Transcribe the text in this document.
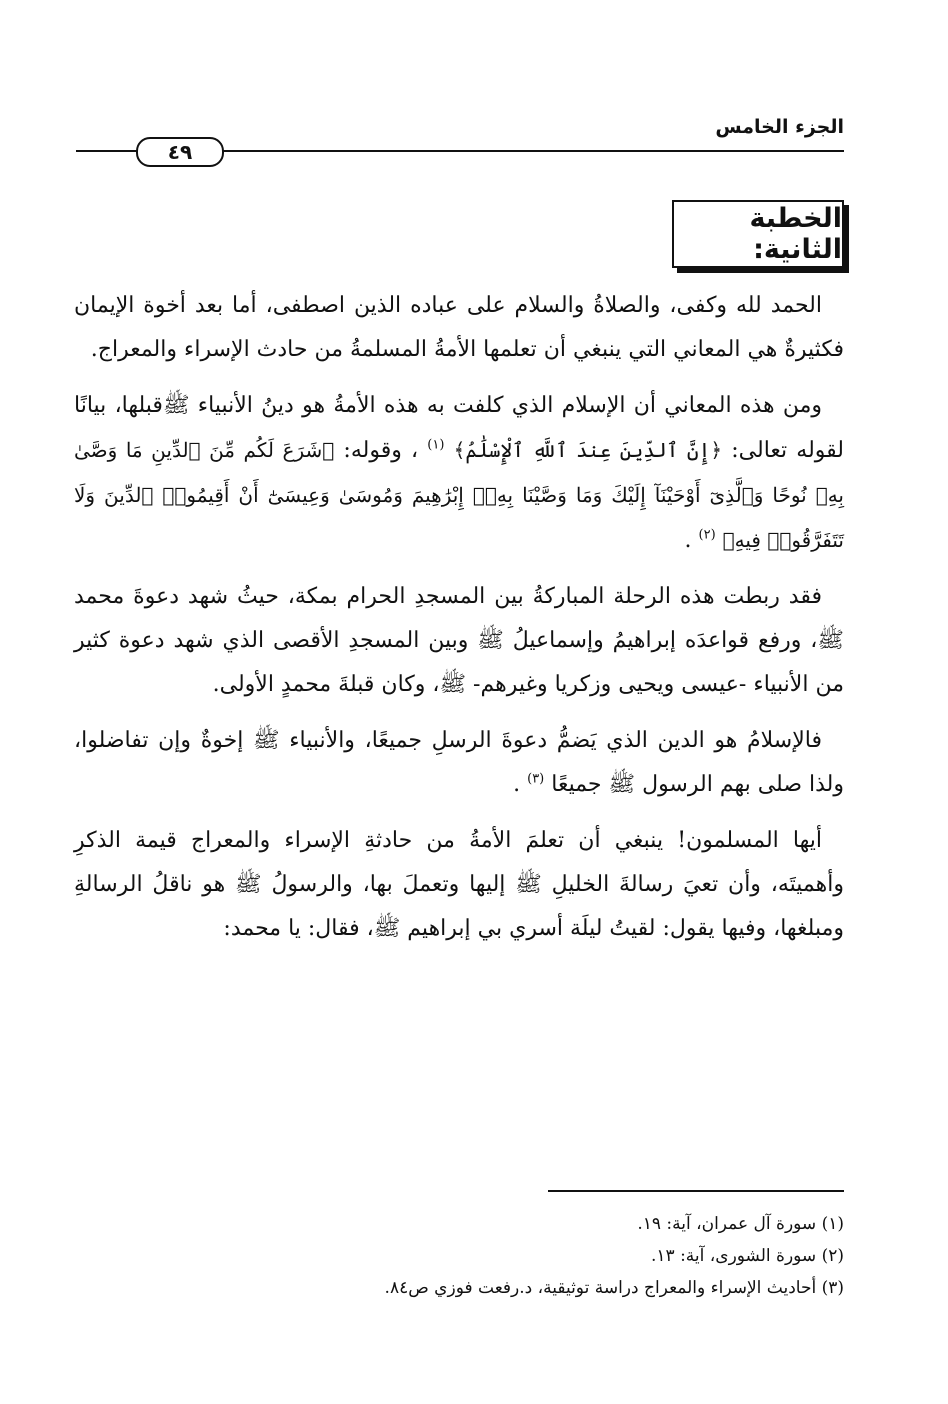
الجزء الخامس
٤٩
الخطبة الثانية:

الحمد لله وكفى، والصلاةُ والسلام على عباده الذين اصطفى، أما بعد أخوة الإيمان فكثيرةٌ هي المعاني التي ينبغي أن تعلمها الأمةُ المسلمةُ من حادث الإسراء والمعراج.

ومن هذه المعاني أن الإسلام الذي كلفت به هذه الأمةُ هو دينُ الأنبياء ﷺقبلها، بيانًا لقوله تعالى: ﴿إِنَّ ٱلدِّينَ عِندَ ٱللَّهِ ٱلْإِسْلَٰمُ﴾ $^{(١)}$ ، وقوله: ﴿شَرَعَ لَكُم مِّنَ ٱلدِّينِ مَا وَصَّىٰ بِهِۦ نُوحًا وَٱلَّذِىٓ أَوْحَيْنَآ إِلَيْكَ وَمَا وَصَّيْنَا بِهِۦٓ إِبْرَٰهِيمَ وَمُوسَىٰ وَعِيسَىٰٓ أَنْ أَقِيمُوا۟ ٱلدِّينَ وَلَا تَتَفَرَّقُوا۟ فِيهِ﴾ $^{(٢)}$ .

فقد ربطت هذه الرحلة المباركةُ بين المسجدِ الحرام بمكة، حيثُ شهد دعوةَ محمد ﷺ، ورفع قواعدَه إبراهيمُ وإسماعيلُ ﷺ وبين المسجدِ الأقصى الذي شهد دعوة كثير من الأنبياء -عيسى ويحيى وزكريا وغيرهم- ﷺ، وكان قبلةَ محمدٍ الأولى.

فالإسلامُ هو الدين الذي يَضمُّ دعوةَ الرسلِ جميعًا، والأنبياء ﷺ إخوةٌ وإن تفاضلوا، ولذا صلى بهم الرسول ﷺ جميعًا $^{(٣)}$ .

أيها المسلمون! ينبغي أن تعلمَ الأمةُ من حادثةِ الإسراء والمعراج قيمة الذكرِ وأهميتَه، وأن تعيَ رسالةَ الخليلِ ﷺ إليها وتعملَ بها، والرسولُ ﷺ هو ناقلُ الرسالةِ ومبلغها، وفيها يقول: لقيتُ ليلَة أسري بي إبراهيم ﷺ، فقال: يا محمد:

(١) سورة آل عمران، آية: ١٩.

(٢) سورة الشورى، آية: ١٣.

(٣) أحاديث الإسراء والمعراج دراسة توثيقية، د.رفعت فوزي ص٨٤.
